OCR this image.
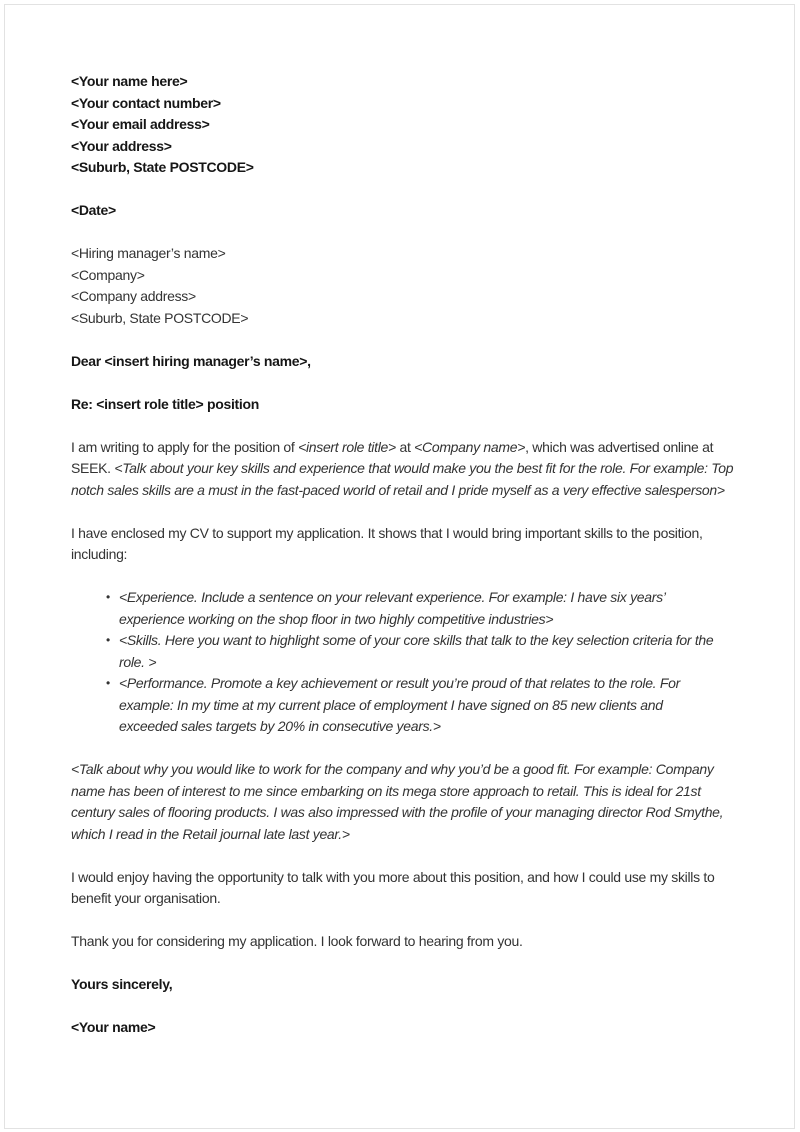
<Your name here>
<Your contact number>
<Your email address>
<Your address>
<Suburb, State POSTCODE>
<Date>
<Hiring manager’s name>
<Company>
<Company address>
<Suburb, State POSTCODE>

Dear <insert hiring manager’s name>,

Re: <insert role title> position

I am writing to apply for the position of <insert role title> at <Company name>, which was advertised online at SEEK. <Talk about your key skills and experience that would make you the best fit for the role. For example: Top notch sales skills are a must in the fast-paced world of retail and I pride myself as a very effective salesperson>

I have enclosed my CV to support my application. It shows that I would bring important skills to the position, including:

• <Experience. Include a sentence on your relevant experience. For example: I have six years’ experience working on the shop floor in two highly competitive industries>
• <Skills. Here you want to highlight some of your core skills that talk to the key selection criteria for the role. >
• <Performance. Promote a key achievement or result you’re proud of that relates to the role. For example: In my time at my current place of employment I have signed on 85 new clients and exceeded sales targets by 20% in consecutive years.>

<Talk about why you would like to work for the company and why you’d be a good fit. For example: Company name has been of interest to me since embarking on its mega store approach to retail. This is ideal for 21st century sales of flooring products. I was also impressed with the profile of your managing director Rod Smythe, which I read in the Retail journal late last year.>

I would enjoy having the opportunity to talk with you more about this position, and how I could use my skills to benefit your organisation.

Thank you for considering my application. I look forward to hearing from you.

Yours sincerely,

<Your name>
